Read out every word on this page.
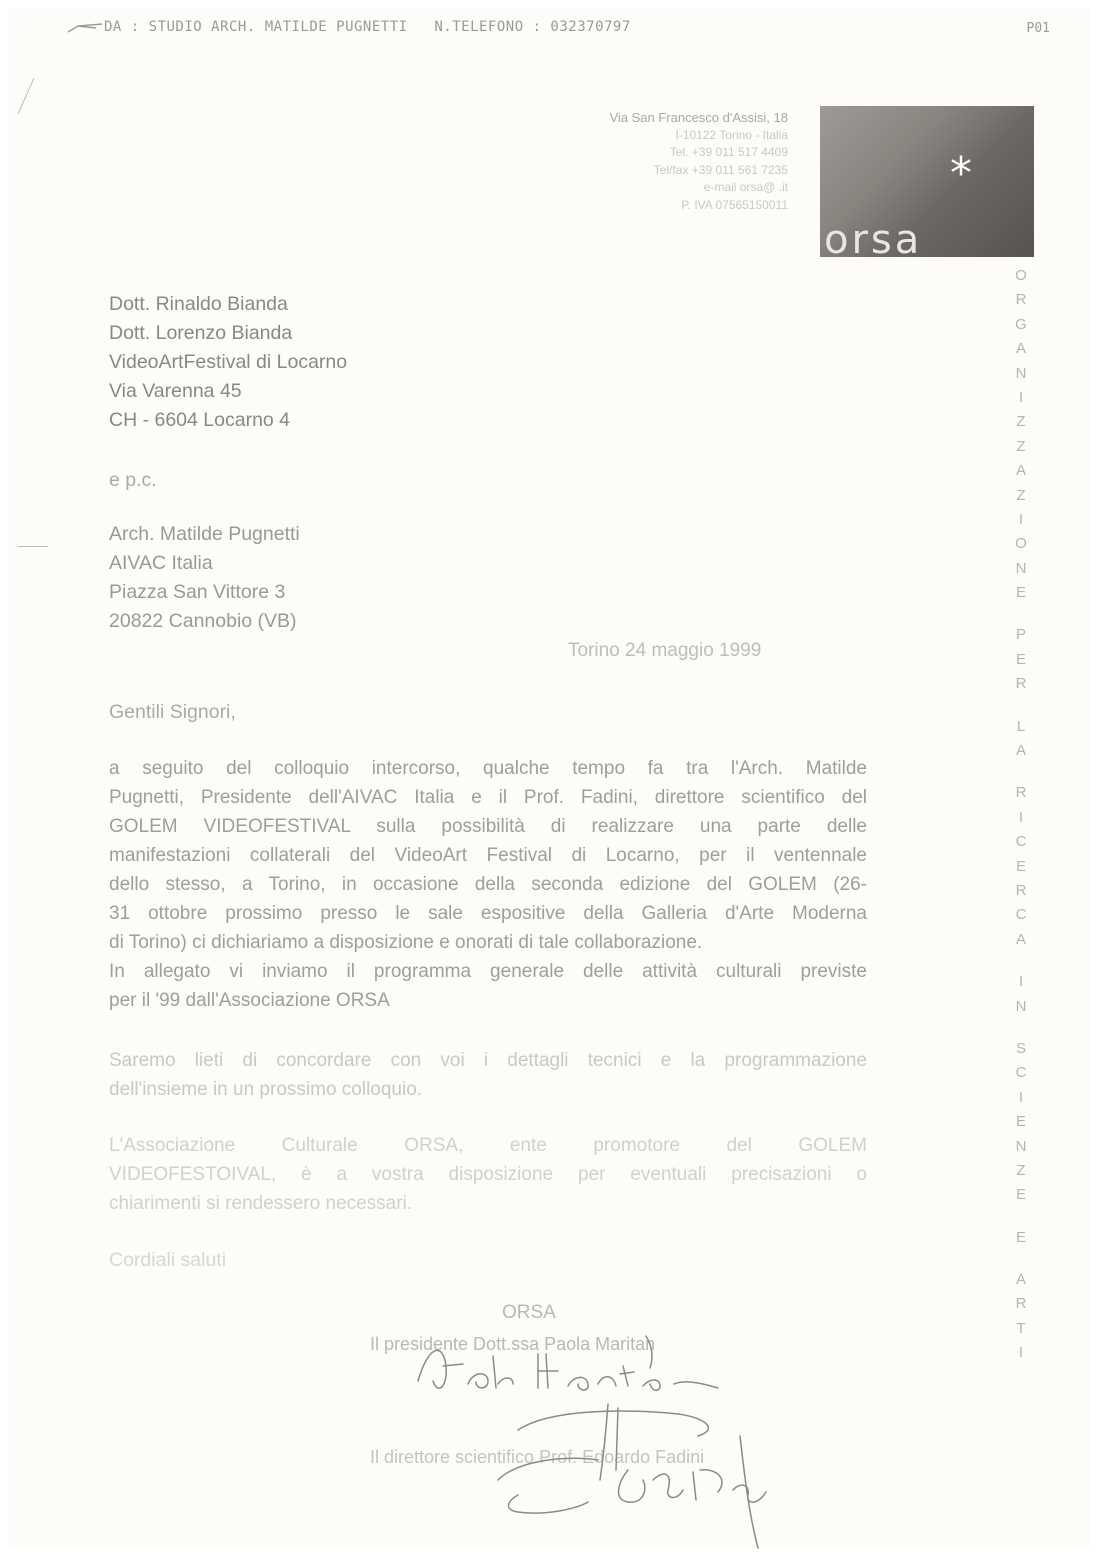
DA : STUDIO ARCH. MATILDE PUGNETTI   N.TELEFONO : 032370797	P01
Via San Francesco d'Assisi, 18
I-10122 Torino - Italia
Tel. +39 011 517 4409
Tel/fax +39 011 561 7235
e-mail orsa@ .it
P. IVA 07565150011
*
orsa
O
R
G
A
N
I
Z
Z
A
Z
I
O
N
E
P
E
R
L
A
R
I
C
E
R
C
A
I
N
S
C
I
E
N
Z
E
E
A
R
T
I
Dott. Rinaldo Bianda
Dott. Lorenzo Bianda
VideoArtFestival di Locarno
Via Varenna 45
CH - 6604 Locarno 4
e p.c.
Arch. Matilde Pugnetti
AIVAC Italia
Piazza San Vittore 3
20822 Cannobio (VB)
Torino 24 maggio 1999
Gentili Signori,
a seguito del colloquio intercorso, qualche tempo fa tra l'Arch. Matilde
Pugnetti, Presidente dell'AIVAC Italia e il Prof. Fadini, direttore scientifico del
GOLEM VIDEOFESTIVAL sulla possibilità di realizzare una parte delle
manifestazioni collaterali del VideoArt Festival di Locarno, per il ventennale
dello stesso, a Torino, in occasione della seconda edizione del GOLEM (26-
31 ottobre prossimo presso le sale espositive della Galleria d'Arte Moderna
di Torino) ci dichiariamo a disposizione e onorati di tale collaborazione.
In allegato vi inviamo il programma generale delle attività culturali previste
per il '99 dall'Associazione ORSA
Saremo lieti di concordare con voi i dettagli tecnici e la programmazione
dell'insieme in un prossimo colloquio.
L'Associazione Culturale ORSA, ente promotore del GOLEM
VIDEOFESTOIVAL, è a vostra disposizione per eventuali precisazioni o
chiarimenti si rendessero necessari.
Cordiali saluti
ORSA
Il presidente Dott.ssa Paola Maritan
Il direttore scientifico Prof. Edoardo Fadini
